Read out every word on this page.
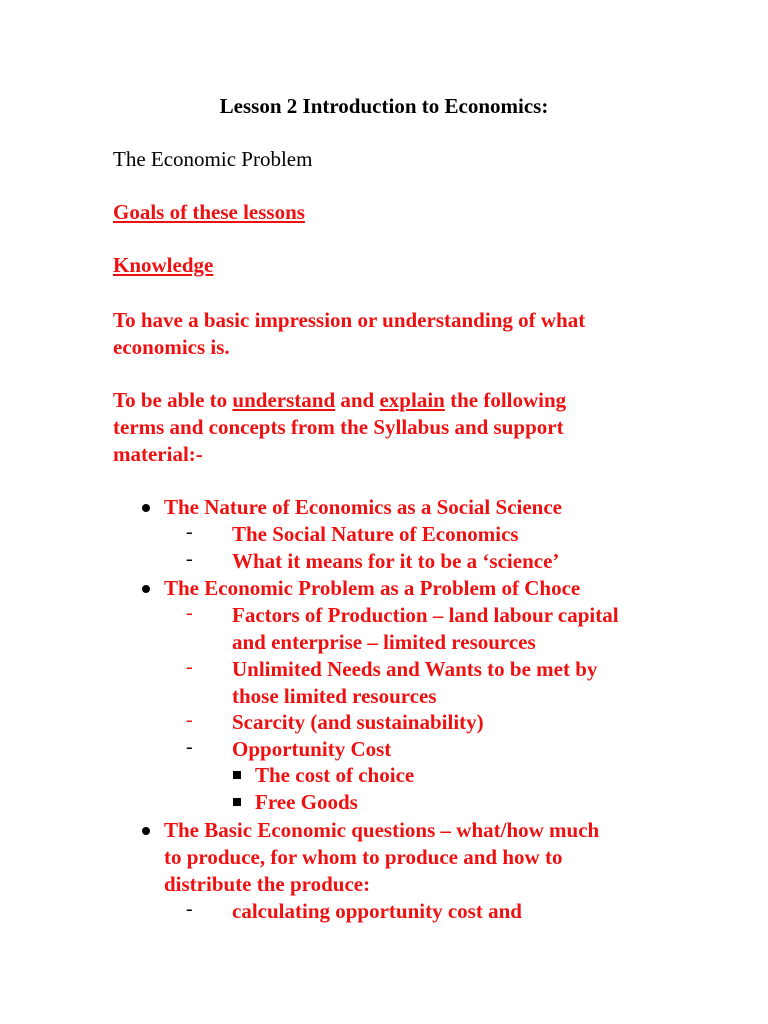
Lesson 2 Introduction to Economics:
The Economic Problem
Goals of these lessons
Knowledge
To have a basic impression or understanding of what
economics is.
To be able to understand and explain the following
terms and concepts from the Syllabus and support
material:-
The Nature of Economics as a Social Science
- The Social Nature of Economics
- What it means for it to be a ‘science’
The Economic Problem as a Problem of Choce
- Factors of Production – land labour capital
and enterprise – limited resources
- Unlimited Needs and Wants to be met by
those limited resources
- Scarcity (and sustainability)
- Opportunity Cost
The cost of choice
Free Goods
The Basic Economic questions – what/how much
to produce, for whom to produce and how to
distribute the produce:
- calculating opportunity cost and
